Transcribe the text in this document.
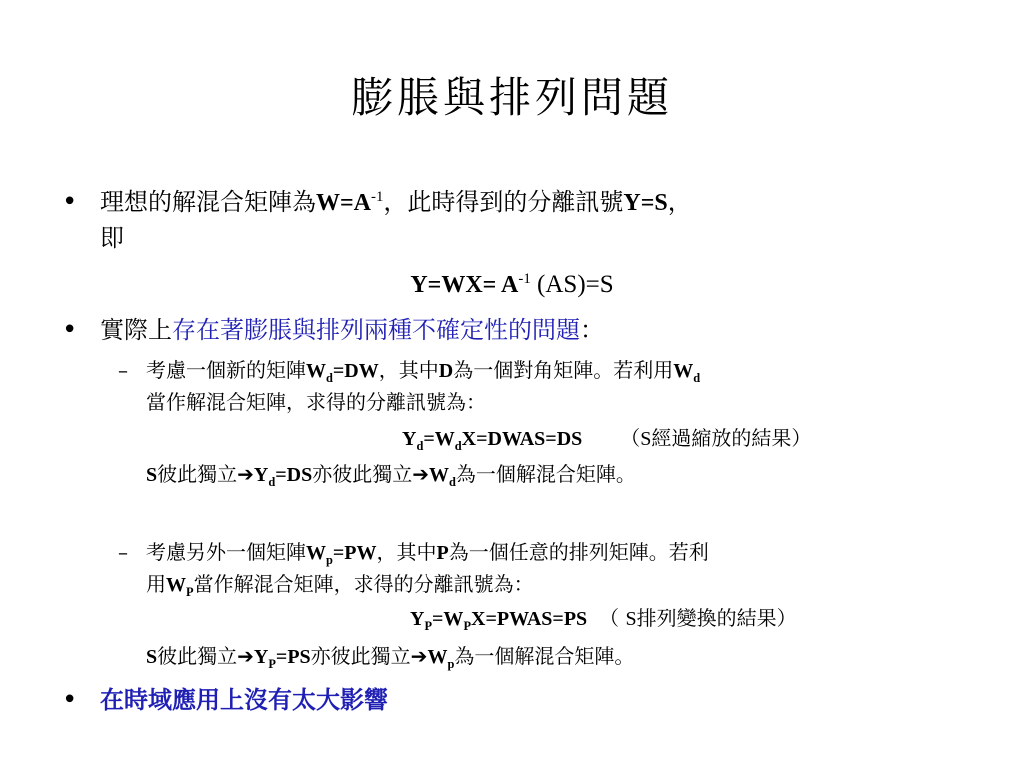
膨脹與排列問題
• 理想的解混合矩陣為$W=A^{-1}$，此時得到的分離訊號Y=S，
即
$Y=WX= A^{-1}$ (AS)=S
• 實際上存在著膨脹與排列兩種不確定性的問題：
– 考慮一個新的矩陣$W_d=DW$，其中D為一個對角矩陣。若利用$W_d$
當作解混合矩陣，求得的分離訊號為：
$Y_d=W_dX=DWAS=DS$ （S經過縮放的結果）
S彼此獨立$➔Y_d=DS$亦彼此獨立$➔W_d$為一個解混合矩陣。
– 考慮另外一個矩陣$W_p=PW$，其中P為一個任意的排列矩陣。若利
用$W_P$當作解混合矩陣，求得的分離訊號為：
$Y_P=W_PX=PWAS=PS$ （ S排列變換的結果）
S彼此獨立$➔Y_P=PS$亦彼此獨立$➔W_p$為一個解混合矩陣。
• 在時域應用上沒有太大影響
